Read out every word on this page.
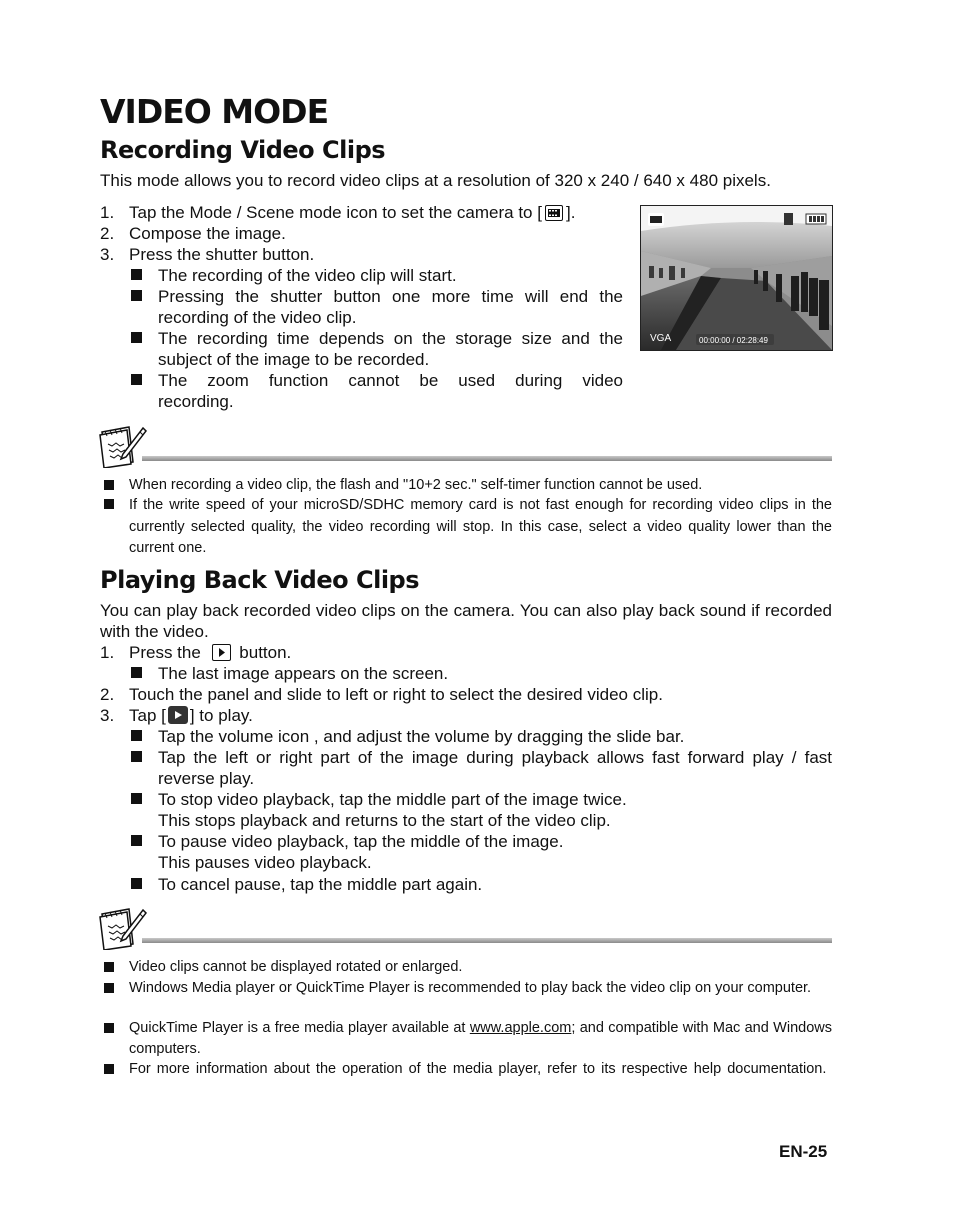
VIDEO MODE
Recording Video Clips
This mode allows you to record video clips at a resolution of 320 x 240 / 640 x 480 pixels.
1. Tap the Mode / Scene mode icon to set the camera to [ ].
2. Compose the image.
3. Press the shutter button.
The recording of the video clip will start.
Pressing the shutter button one more time will end the recording of the video clip.
The recording time depends on the storage size and the subject of the image to be recorded.
The zoom function cannot be used during video recording.
VGA	00:00:00 / 02:28:49
When recording a video clip, the flash and "10+2 sec." self-timer function cannot be used.
If the write speed of your microSD/SDHC memory card is not fast enough for recording video clips in the currently selected quality, the video recording will stop. In this case, select a video quality lower than the current one.
Playing Back Video Clips
You can play back recorded video clips on the camera. You can also play back sound if recorded with the video.
1. Press the button.
The last image appears on the screen.
2. Touch the panel and slide to left or right to select the desired video clip.
3. Tap [ ] to play.
Tap the volume icon , and adjust the volume by dragging the slide bar.
Tap the left or right part of the image during playback allows fast forward play / fast reverse play.
To stop video playback, tap the middle part of the image twice.
This stops playback and returns to the start of the video clip.
To pause video playback, tap the middle of the image.
This pauses video playback.
To cancel pause, tap the middle part again.
Video clips cannot be displayed rotated or enlarged.
Windows Media player or QuickTime Player is recommended to play back the video clip on your computer.
QuickTime Player is a free media player available at www.apple.com; and compatible with Mac and Windows computers.
For more information about the operation of the media player, refer to its respective help documentation.
EN-25
